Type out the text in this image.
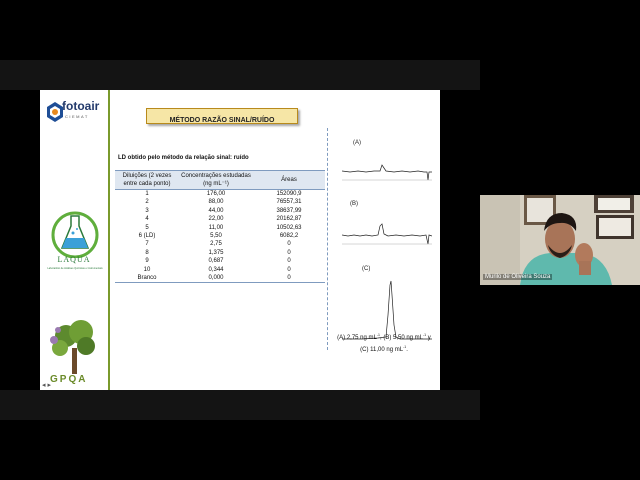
fotoair
CIEMAT
LAQUA
Laboratório de Análises Químicas e Instrumentais
GPQA
◂ ▸
MÉTODO RAZÃO SINAL/RUÍDO
LD obtido pelo método da relação sinal: ruído
Diluições (2 vezes entre cada ponto)	Concentrações estudadas (ng mL⁻¹)	Áreas
1	176,00	152090,9
2	88,00	76557,31
3	44,00	38637,99
4	22,00	20162,87
5	11,00	10502,63
6 (LD)	5,50	6082,2
7	2,75	0
8	1,375	0
9	0,687	0
10	0,344	0
Branco	0,000	0
(A)
(B)
(C)
(A) 2,75 ng $mL^{-1}$, (B) 5,50 ng $mL^{-1}$ y
(C) 11,00 ng $mL^{-1}$.
Murilo de Oliveira Souza
